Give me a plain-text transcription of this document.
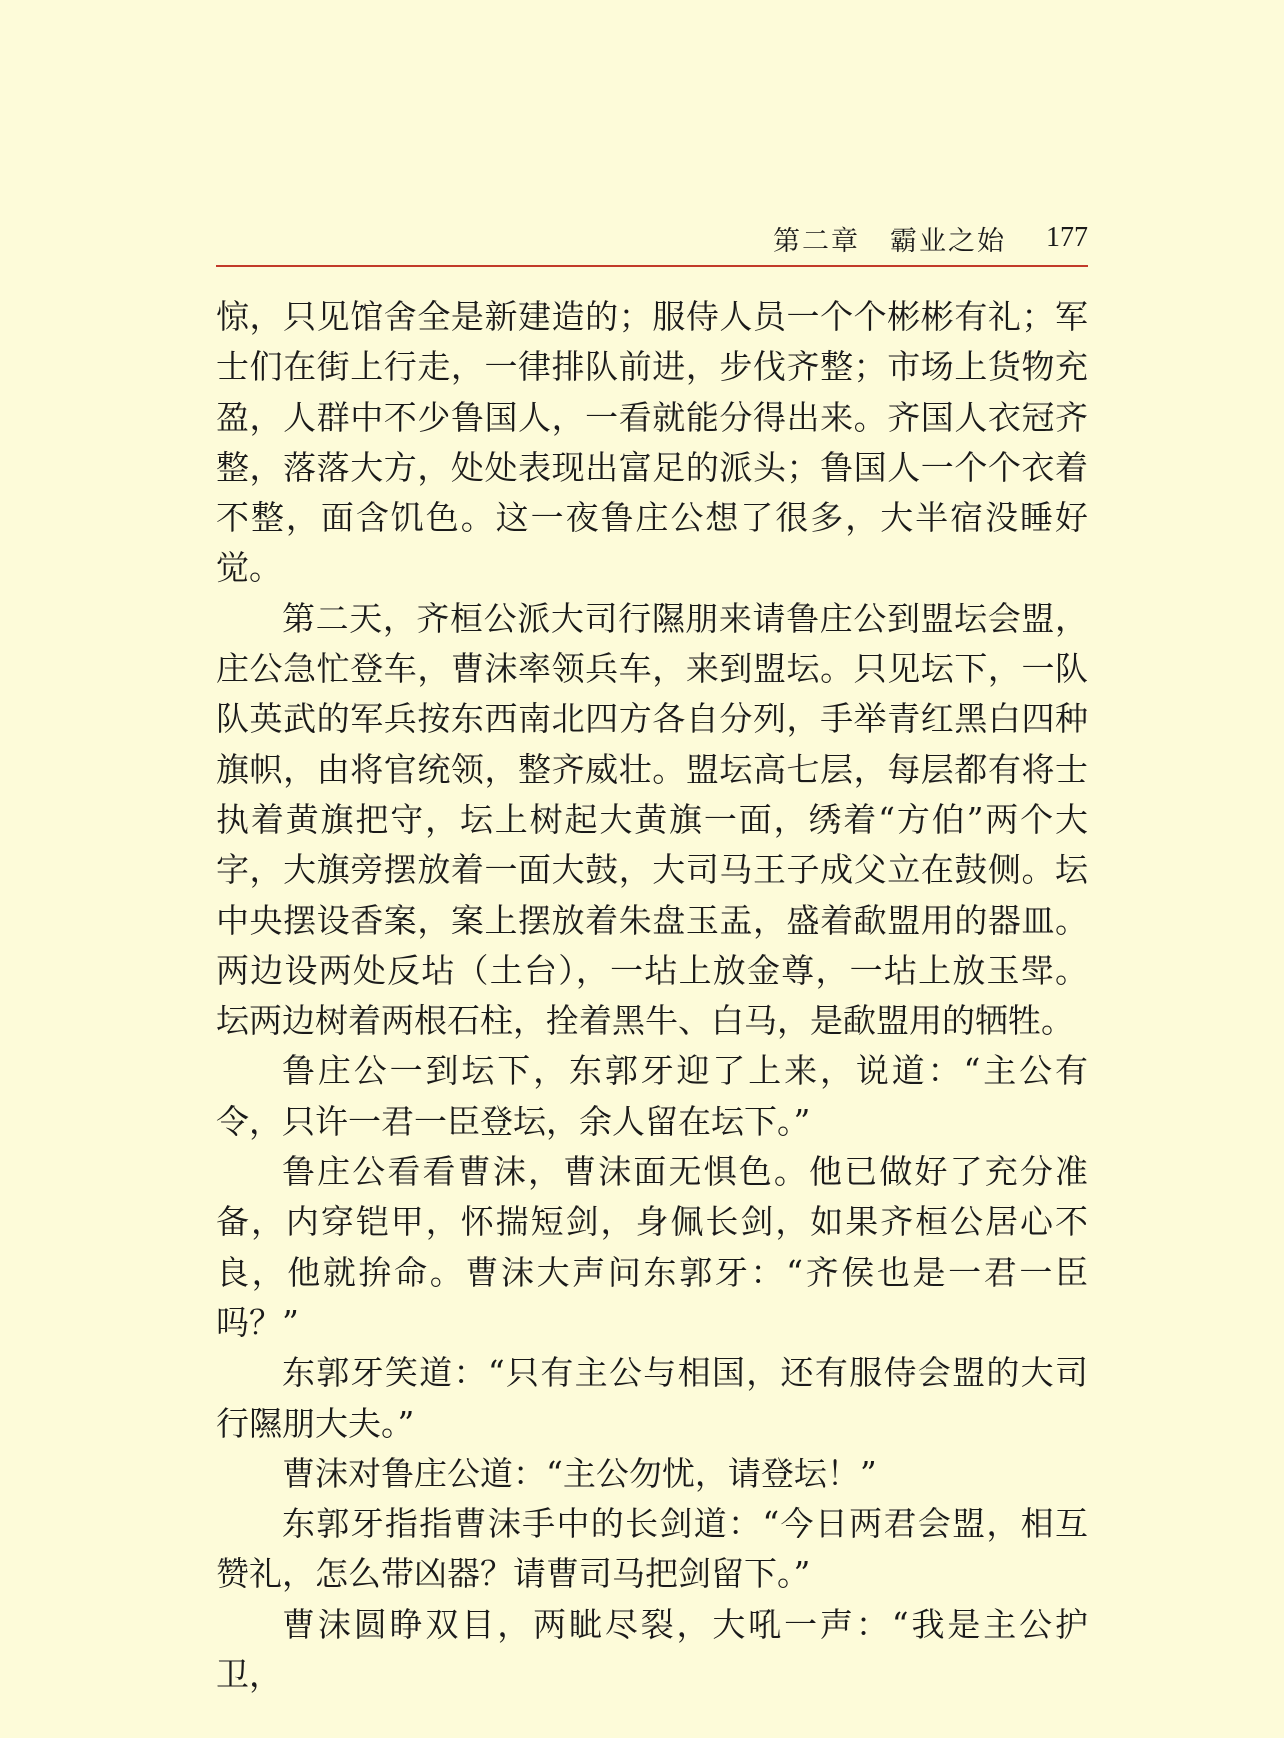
第二章 霸业之始 177

惊，只见馆舍全是新建造的；服侍人员一个个彬彬有礼；军士们在街上行走，一律排队前进，步伐齐整；市场上货物充盈，人群中不少鲁国人，一看就能分得出来。齐国人衣冠齐整，落落大方，处处表现出富足的派头；鲁国人一个个衣着不整，面含饥色。这一夜鲁庄公想了很多，大半宿没睡好觉。

第二天，齐桓公派大司行隰朋来请鲁庄公到盟坛会盟，庄公急忙登车，曹沫率领兵车，来到盟坛。只见坛下，一队队英武的军兵按东西南北四方各自分列，手举青红黑白四种旗帜，由将官统领，整齐威壮。盟坛高七层，每层都有将士执着黄旗把守，坛上树起大黄旗一面，绣着“方伯”两个大字，大旗旁摆放着一面大鼓，大司马王子成父立在鼓侧。坛中央摆设香案，案上摆放着朱盘玉盂，盛着歃盟用的器皿。两边设两处反坫（土台），一坫上放金尊，一坫上放玉斝。坛两边树着两根石柱，拴着黑牛、白马，是歃盟用的牺牲。

鲁庄公一到坛下，东郭牙迎了上来，说道：“主公有令，只许一君一臣登坛，余人留在坛下。”

鲁庄公看看曹沫，曹沫面无惧色。他已做好了充分准备，内穿铠甲，怀揣短剑，身佩长剑，如果齐桓公居心不良，他就拚命。曹沫大声问东郭牙：“齐侯也是一君一臣吗？”

东郭牙笑道：“只有主公与相国，还有服侍会盟的大司行隰朋大夫。”

曹沫对鲁庄公道：“主公勿忧，请登坛！”

东郭牙指指曹沫手中的长剑道：“今日两君会盟，相互赞礼，怎么带凶器？请曹司马把剑留下。”

曹沫圆睁双目，两眦尽裂，大吼一声：“我是主公护卫，
